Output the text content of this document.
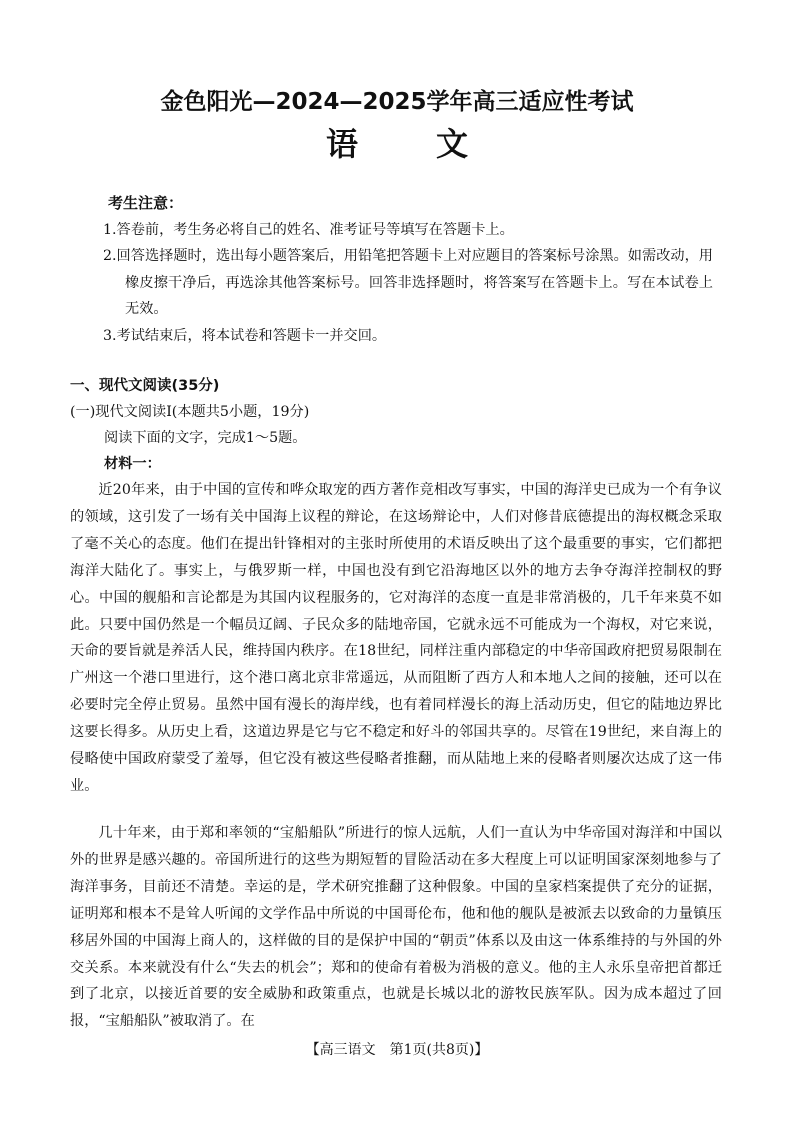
金色阳光—2024—2025学年高三适应性考试
语 文
考生注意：
1.答卷前，考生务必将自己的姓名、准考证号等填写在答题卡上。
2.回答选择题时，选出每小题答案后，用铅笔把答题卡上对应题目的答案标号涂黑。如需改动，用橡皮擦干净后，再选涂其他答案标号。回答非选择题时，将答案写在答题卡上。写在本试卷上无效。
3.考试结束后，将本试卷和答题卡一并交回。
一、现代文阅读(35分)
(一)现代文阅读Ⅰ(本题共5小题，19分)
阅读下面的文字，完成1～5题。
材料一：

近20年来，由于中国的宣传和哗众取宠的西方著作竞相改写事实，中国的海洋史已成为一个有争议的领域，这引发了一场有关中国海上议程的辩论，在这场辩论中，人们对修昔底德提出的海权概念采取了毫不关心的态度。他们在提出针锋相对的主张时所使用的术语反映出了这个最重要的事实，它们都把海洋大陆化了。事实上，与俄罗斯一样，中国也没有到它沿海地区以外的地方去争夺海洋控制权的野心。中国的舰船和言论都是为其国内议程服务的，它对海洋的态度一直是非常消极的，几千年来莫不如此。只要中国仍然是一个幅员辽阔、子民众多的陆地帝国，它就永远不可能成为一个海权，对它来说，天命的要旨就是养活人民，维持国内秩序。在18世纪，同样注重内部稳定的中华帝国政府把贸易限制在广州这一个港口里进行，这个港口离北京非常遥远，从而阻断了西方人和本地人之间的接触，还可以在必要时完全停止贸易。虽然中国有漫长的海岸线，也有着同样漫长的海上活动历史，但它的陆地边界比这要长得多。从历史上看，这道边界是它与它不稳定和好斗的邻国共享的。尽管在19世纪，来自海上的侵略使中国政府蒙受了羞辱，但它没有被这些侵略者推翻，而从陆地上来的侵略者则屡次达成了这一伟业。

几十年来，由于郑和率领的“宝船船队”所进行的惊人远航，人们一直认为中华帝国对海洋和中国以外的世界是感兴趣的。帝国所进行的这些为期短暂的冒险活动在多大程度上可以证明国家深刻地参与了海洋事务，目前还不清楚。幸运的是，学术研究推翻了这种假象。中国的皇家档案提供了充分的证据，证明郑和根本不是耸人听闻的文学作品中所说的中国哥伦布，他和他的舰队是被派去以致命的力量镇压移居外国的中国海上商人的，这样做的目的是保护中国的“朝贡”体系以及由这一体系维持的与外国的外交关系。本来就没有什么“失去的机会”；郑和的使命有着极为消极的意义。他的主人永乐皇帝把首都迁到了北京，以接近首要的安全威胁和政策重点，也就是长城以北的游牧民族军队。因为成本超过了回报，“宝船船队”被取消了。在

【高三语文　第1页(共8页)】
